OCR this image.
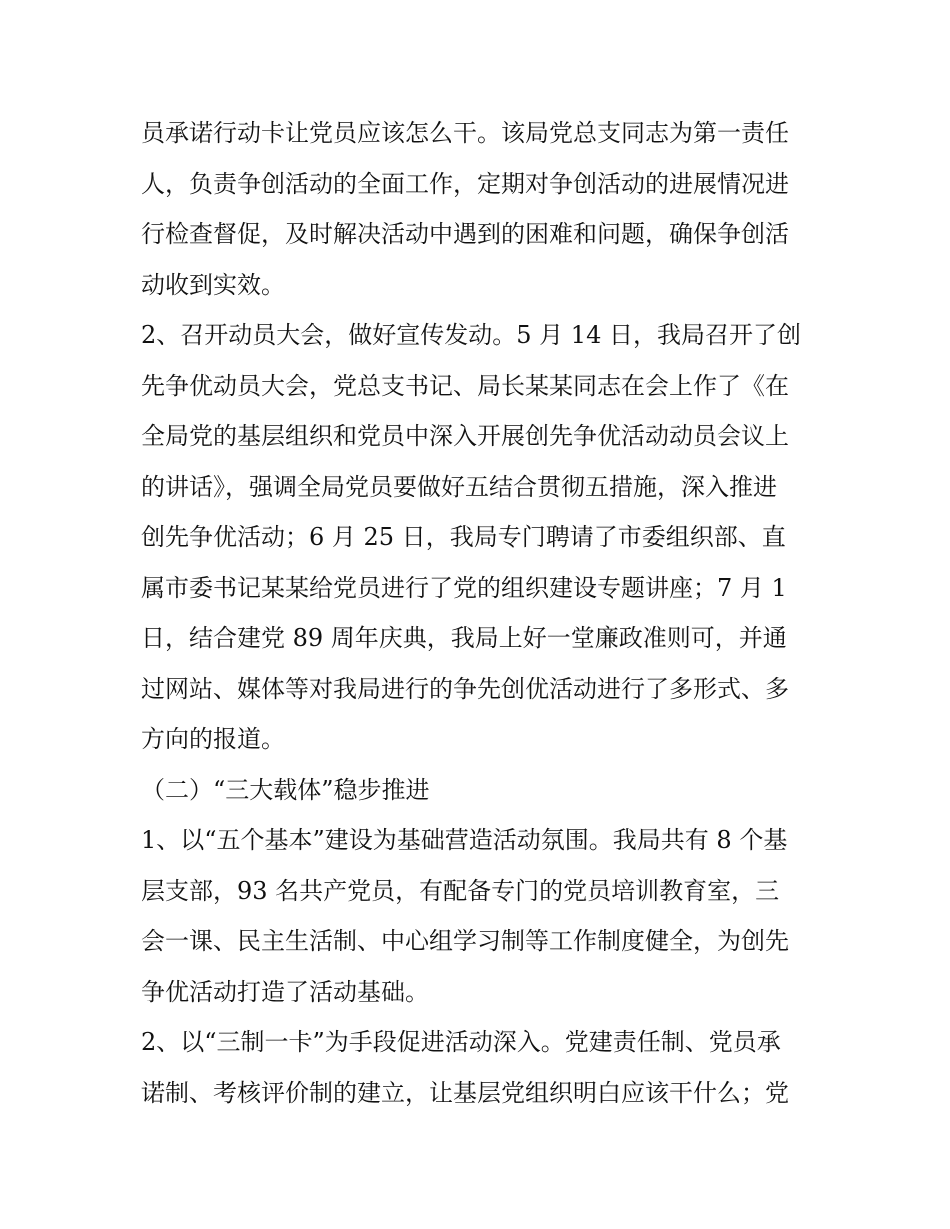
员承诺行动卡让党员应该怎么干。该局党总支同志为第一责任
人，负责争创活动的全面工作，定期对争创活动的进展情况进
行检查督促，及时解决活动中遇到的困难和问题，确保争创活
动收到实效。
2、召开动员大会，做好宣传发动。5 月 14 日，我局召开了创
先争优动员大会，党总支书记、局长某某同志在会上作了《在
全局党的基层组织和党员中深入开展创先争优活动动员会议上
的讲话》，强调全局党员要做好五结合贯彻五措施，深入推进
创先争优活动；6 月 25 日，我局专门聘请了市委组织部、直
属市委书记某某给党员进行了党的组织建设专题讲座；7 月 1
日，结合建党 89 周年庆典，我局上好一堂廉政准则可，并通
过网站、媒体等对我局进行的争先创优活动进行了多形式、多
方向的报道。
（二）“三大载体”稳步推进
1、以“五个基本”建设为基础营造活动氛围。我局共有 8 个基
层支部，93 名共产党员，有配备专门的党员培训教育室，三
会一课、民主生活制、中心组学习制等工作制度健全，为创先
争优活动打造了活动基础。
2、以“三制一卡”为手段促进活动深入。党建责任制、党员承
诺制、考核评价制的建立，让基层党组织明白应该干什么；党
